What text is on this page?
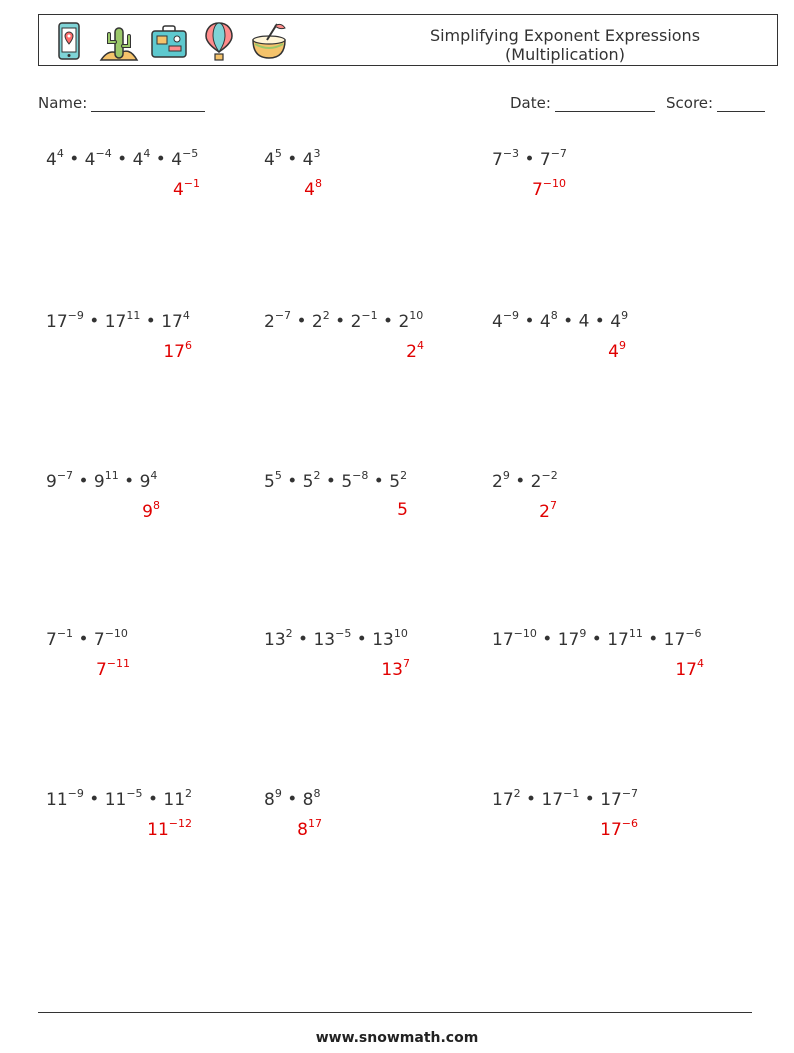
Simplifying Exponent Expressions
(Multiplication)
Name:	Date:	Score:
$4^4$ • $4^{-4}$ • $4^4$ • $4^{-5}$
$4^{-1}$
$4^5$ • $4^3$
$4^8$
$7^{-3}$ • $7^{-7}$
$7^{-10}$
$17^{-9}$ • $17^{11}$ • $17^4$
$17^6$
$2^{-7}$ • $2^2$ • $2^{-1}$ • $2^{10}$
$2^4$
$4^{-9}$ • $4^8$ • 4 • $4^9$
$4^9$
$9^{-7}$ • $9^{11}$ • $9^4$
$9^8$
$5^5$ • $5^2$ • $5^{-8}$ • $5^2$
5
$2^9$ • $2^{-2}$
$2^7$
$7^{-1}$ • $7^{-10}$
$7^{-11}$
$13^2$ • $13^{-5}$ • $13^{10}$
$13^7$
$17^{-10}$ • $17^9$ • $17^{11}$ • $17^{-6}$
$17^4$
$11^{-9}$ • $11^{-5}$ • $11^2$
$11^{-12}$
$8^9$ • $8^8$
$8^{17}$
$17^2$ • $17^{-1}$ • $17^{-7}$
$17^{-6}$
www.snowmath.com
